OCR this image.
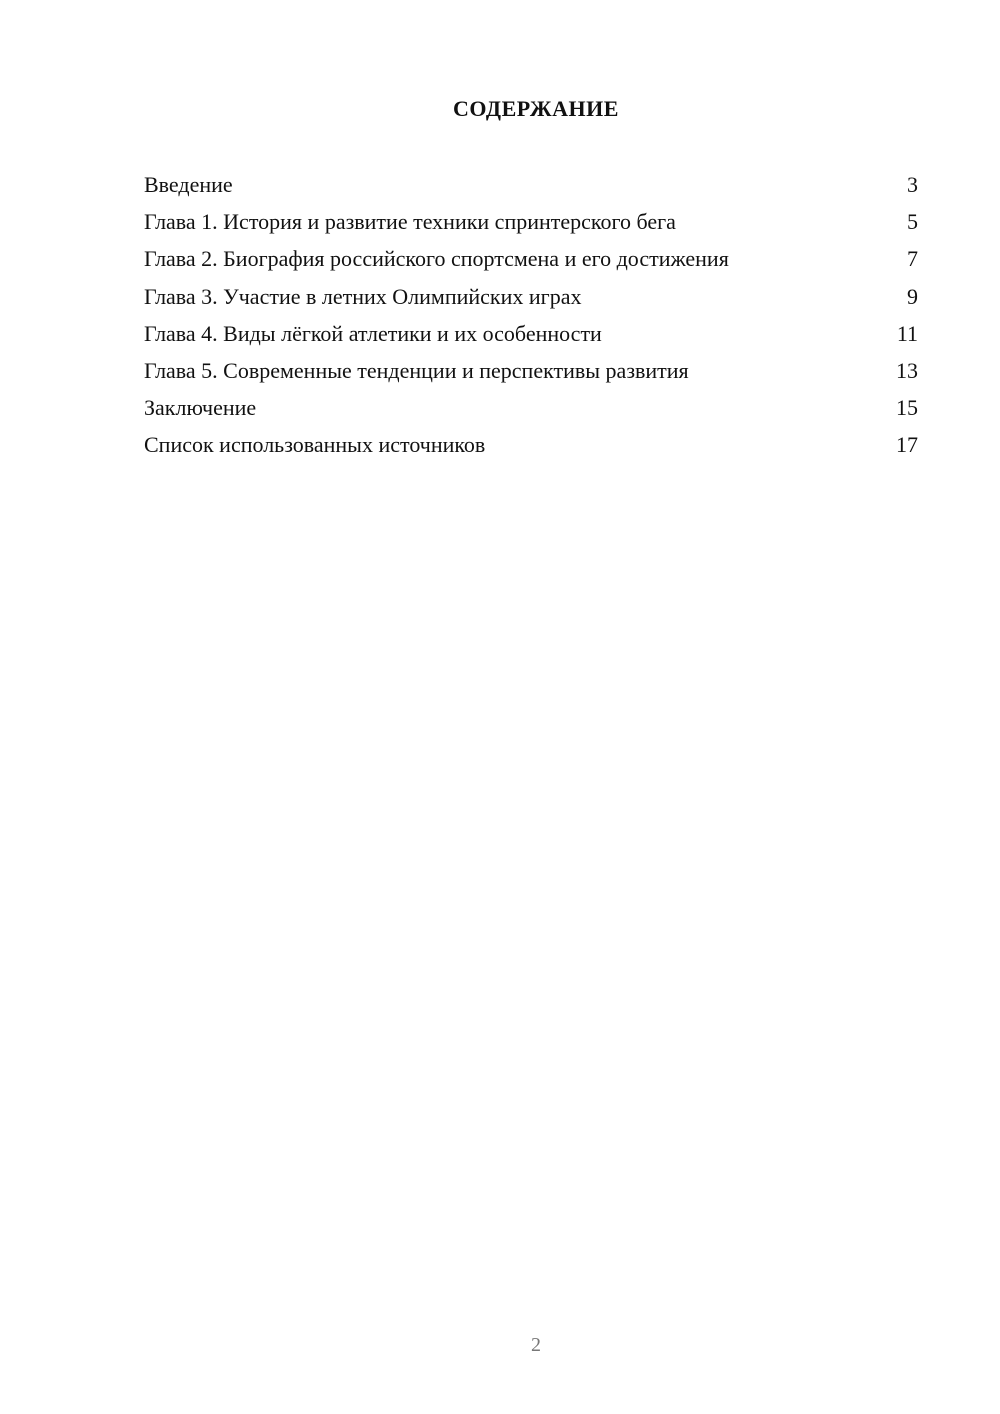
СОДЕРЖАНИЕ
Введение	3
Глава 1. История и развитие техники спринтерского бега	5
Глава 2. Биография российского спортсмена и его достижения	7
Глава 3. Участие в летних Олимпийских играх	9
Глава 4. Виды лёгкой атлетики и их особенности	11
Глава 5. Современные тенденции и перспективы развития	13
Заключение	15
Список использованных источников	17
2
